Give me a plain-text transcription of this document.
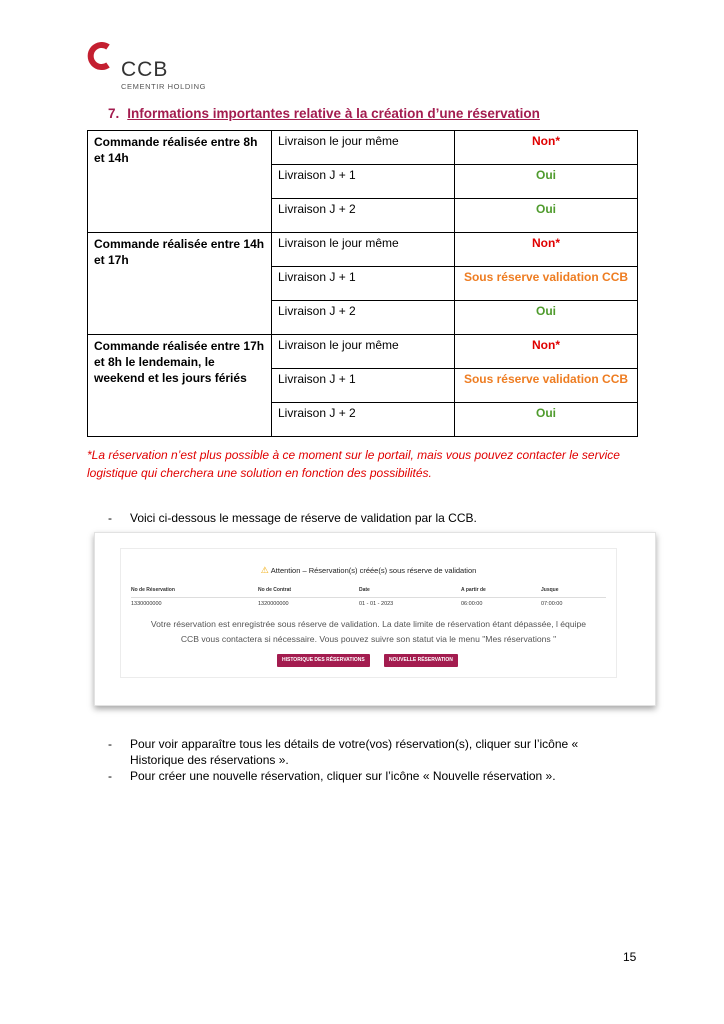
CCB
CEMENTIR HOLDING
7. Informations importantes relative à la création d’une réservation
Commande réalisée entre 8h et 14h	Livraison le jour même	Non*
	Livraison J + 1	Oui
	Livraison J + 2	Oui
Commande réalisée entre 14h et 17h	Livraison le jour même	Non*
	Livraison J + 1	Sous réserve validation CCB
	Livraison J + 2	Oui
Commande réalisée entre 17h et 8h le lendemain, le weekend et les jours fériés	Livraison le jour même	Non*
	Livraison J + 1	Sous réserve validation CCB
	Livraison J + 2	Oui
*La réservation n’est plus possible à ce moment sur le portail, mais vous pouvez contacter le service logistique qui cherchera une solution en fonction des possibilités.
- Voici ci-dessous le message de réserve de validation par la CCB.
⚠ Attention – Réservation(s) créée(s) sous réserve de validation
No de Réservation	No de Contrat	Date	A partir de	Jusque
1330000000	1320000000	01 - 01 - 2023	06:00:00	07:00:00
Votre réservation est enregistrée sous réserve de validation. La date limite de réservation étant dépassée, l équipe
CCB vous contactera si nécessaire. Vous pouvez suivre son statut via le menu "Mes réservations "
HISTORIQUE DES RÉSERVATIONS	NOUVELLE RÉSERVATION
- Pour voir apparaître tous les détails de votre(vos) réservation(s), cliquer sur l’icône « Historique des réservations ».
- Pour créer une nouvelle réservation, cliquer sur l’icône « Nouvelle réservation ».
15
